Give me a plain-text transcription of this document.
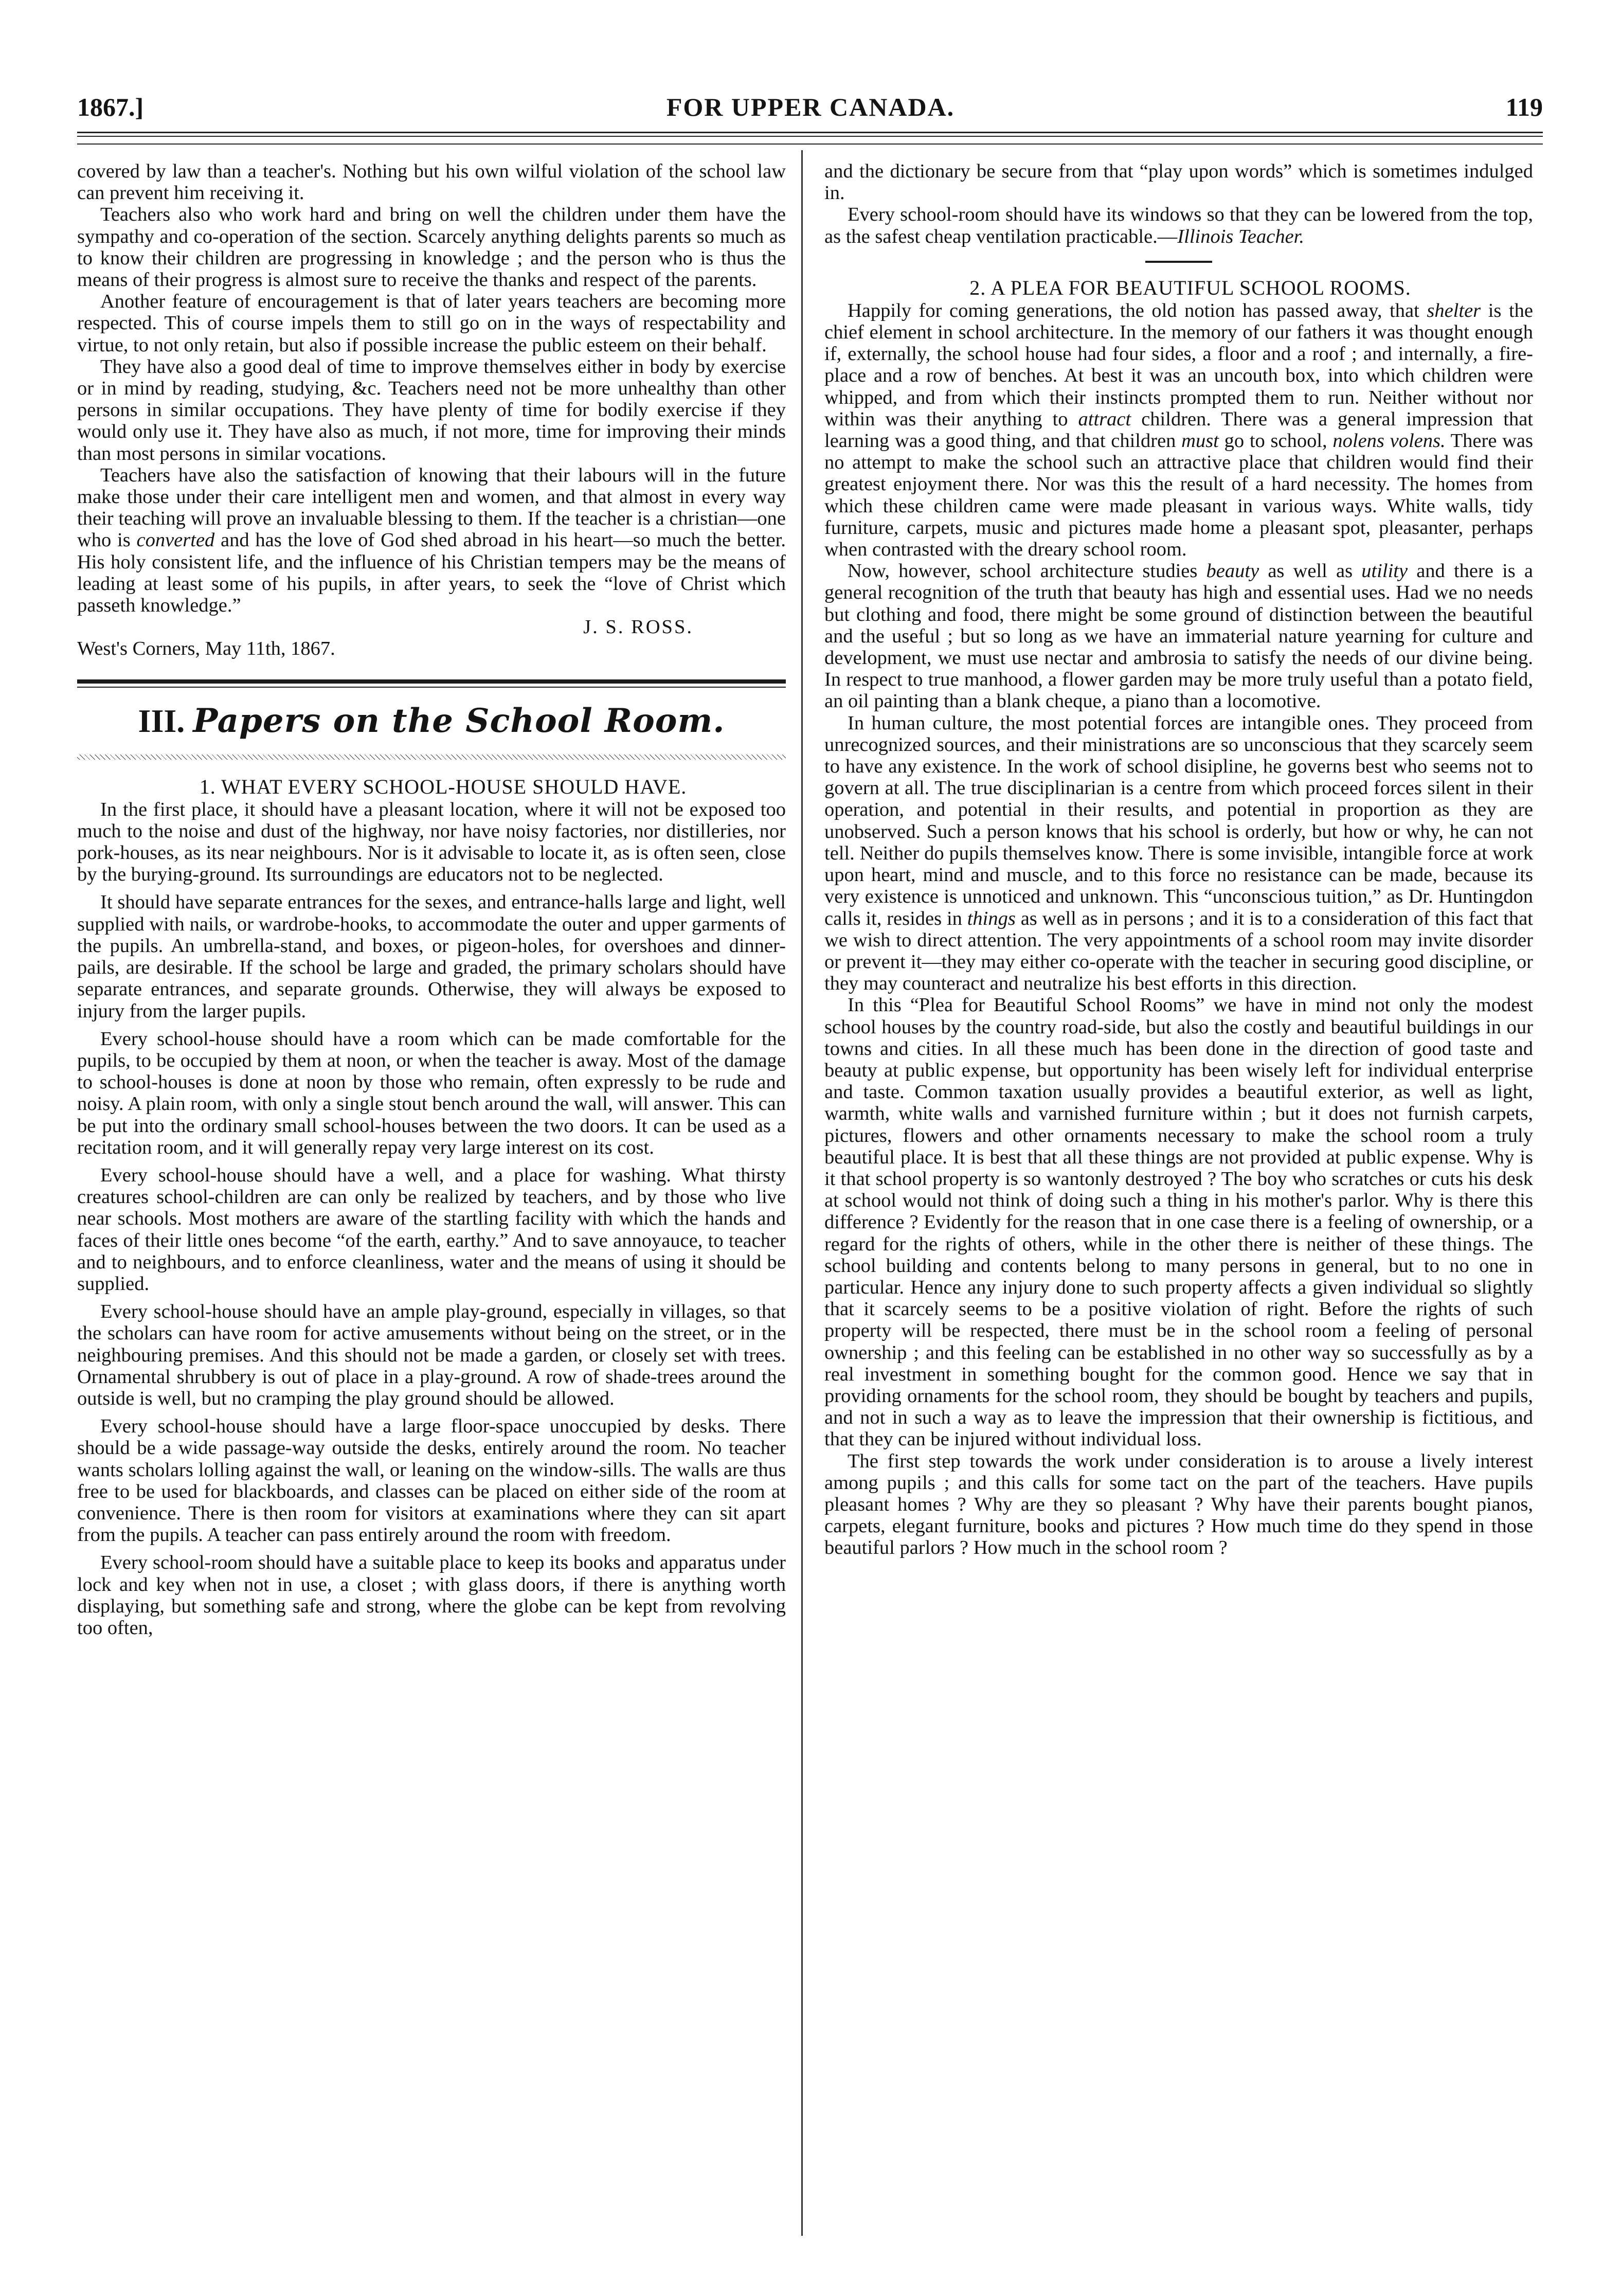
1867.]	FOR UPPER CANADA.	119

covered by law than a teacher's. Nothing but his own wilful violation of the school law can prevent him receiving it.

Teachers also who work hard and bring on well the children under them have the sympathy and co-operation of the section. Scarcely anything delights parents so much as to know their children are progressing in knowledge ; and the person who is thus the means of their progress is almost sure to receive the thanks and respect of the parents.

Another feature of encouragement is that of later years teachers are becoming more respected. This of course impels them to still go on in the ways of respectability and virtue, to not only retain, but also if possible increase the public esteem on their behalf.

They have also a good deal of time to improve themselves either in body by exercise or in mind by reading, studying, &c. Teachers need not be more unhealthy than other persons in similar occupations. They have plenty of time for bodily exercise if they would only use it. They have also as much, if not more, time for improving their minds than most persons in similar vocations.

Teachers have also the satisfaction of knowing that their labours will in the future make those under their care intelligent men and women, and that almost in every way their teaching will prove an invaluable blessing to them. If the teacher is a christian—one who is converted and has the love of God shed abroad in his heart—so much the better. His holy consistent life, and the influence of his Christian tempers may be the means of leading at least some of his pupils, in after years, to seek the “love of Christ which passeth knowledge.”

J. S. ROSS.

West's Corners, May 11th, 1867.

III. Papers on the School Room.

1. WHAT EVERY SCHOOL-HOUSE SHOULD HAVE.

In the first place, it should have a pleasant location, where it will not be exposed too much to the noise and dust of the highway, nor have noisy factories, nor distilleries, nor pork-houses, as its near neighbours. Nor is it advisable to locate it, as is often seen, close by the burying-ground. Its surroundings are educators not to be neglected.

It should have separate entrances for the sexes, and entrance-halls large and light, well supplied with nails, or wardrobe-hooks, to accommodate the outer and upper garments of the pupils. An umbrella-stand, and boxes, or pigeon-holes, for overshoes and dinner-pails, are desirable. If the school be large and graded, the primary scholars should have separate entrances, and separate grounds. Otherwise, they will always be exposed to injury from the larger pupils.

Every school-house should have a room which can be made comfortable for the pupils, to be occupied by them at noon, or when the teacher is away. Most of the damage to school-houses is done at noon by those who remain, often expressly to be rude and noisy. A plain room, with only a single stout bench around the wall, will answer. This can be put into the ordinary small school-houses between the two doors. It can be used as a recitation room, and it will generally repay very large interest on its cost.

Every school-house should have a well, and a place for washing. What thirsty creatures school-children are can only be realized by teachers, and by those who live near schools. Most mothers are aware of the startling facility with which the hands and faces of their little ones become “of the earth, earthy.” And to save annoyauce, to teacher and to neighbours, and to enforce cleanliness, water and the means of using it should be supplied.

Every school-house should have an ample play-ground, especially in villages, so that the scholars can have room for active amusements without being on the street, or in the neighbouring premises. And this should not be made a garden, or closely set with trees. Ornamental shrubbery is out of place in a play-ground. A row of shade-trees around the outside is well, but no cramping the play ground should be allowed.

Every school-house should have a large floor-space unoccupied by desks. There should be a wide passage-way outside the desks, entirely around the room. No teacher wants scholars lolling against the wall, or leaning on the window-sills. The walls are thus free to be used for blackboards, and classes can be placed on either side of the room at convenience. There is then room for visitors at examinations where they can sit apart from the pupils. A teacher can pass entirely around the room with freedom.

Every school-room should have a suitable place to keep its books and apparatus under lock and key when not in use, a closet ; with glass doors, if there is anything worth displaying, but something safe and strong, where the globe can be kept from revolving too often,

and the dictionary be secure from that “play upon words” which is sometimes indulged in.

Every school-room should have its windows so that they can be lowered from the top, as the safest cheap ventilation practicable.—Illinois Teacher.

2. A PLEA FOR BEAUTIFUL SCHOOL ROOMS.

Happily for coming generations, the old notion has passed away, that shelter is the chief element in school architecture. In the memory of our fathers it was thought enough if, externally, the school house had four sides, a floor and a roof ; and internally, a fire-place and a row of benches. At best it was an uncouth box, into which children were whipped, and from which their instincts prompted them to run. Neither without nor within was their anything to attract children. There was a general impression that learning was a good thing, and that children must go to school, nolens volens. There was no attempt to make the school such an attractive place that children would find their greatest enjoyment there. Nor was this the result of a hard necessity. The homes from which these children came were made pleasant in various ways. White walls, tidy furniture, carpets, music and pictures made home a pleasant spot, pleasanter, perhaps when contrasted with the dreary school room.

Now, however, school architecture studies beauty as well as utility and there is a general recognition of the truth that beauty has high and essential uses. Had we no needs but clothing and food, there might be some ground of distinction between the beautiful and the useful ; but so long as we have an immaterial nature yearning for culture and development, we must use nectar and ambrosia to satisfy the needs of our divine being. In respect to true manhood, a flower garden may be more truly useful than a potato field, an oil painting than a blank cheque, a piano than a locomotive.

In human culture, the most potential forces are intangible ones. They proceed from unrecognized sources, and their ministrations are so unconscious that they scarcely seem to have any existence. In the work of school disipline, he governs best who seems not to govern at all. The true disciplinarian is a centre from which proceed forces silent in their operation, and potential in their results, and potential in proportion as they are unobserved. Such a person knows that his school is orderly, but how or why, he can not tell. Neither do pupils themselves know. There is some invisible, intangible force at work upon heart, mind and muscle, and to this force no resistance can be made, because its very existence is unnoticed and unknown. This “unconscious tuition,” as Dr. Huntingdon calls it, resides in things as well as in persons ; and it is to a consideration of this fact that we wish to direct attention. The very appointments of a school room may invite disorder or prevent it—they may either co-operate with the teacher in securing good discipline, or they may counteract and neutralize his best efforts in this direction.

In this “Plea for Beautiful School Rooms” we have in mind not only the modest school houses by the country road-side, but also the costly and beautiful buildings in our towns and cities. In all these much has been done in the direction of good taste and beauty at public expense, but opportunity has been wisely left for individual enterprise and taste. Common taxation usually provides a beautiful exterior, as well as light, warmth, white walls and varnished furniture within ; but it does not furnish carpets, pictures, flowers and other ornaments necessary to make the school room a truly beautiful place. It is best that all these things are not provided at public expense. Why is it that school property is so wantonly destroyed ? The boy who scratches or cuts his desk at school would not think of doing such a thing in his mother's parlor. Why is there this difference ? Evidently for the reason that in one case there is a feeling of ownership, or a regard for the rights of others, while in the other there is neither of these things. The school building and contents belong to many persons in general, but to no one in particular. Hence any injury done to such property affects a given individual so slightly that it scarcely seems to be a positive violation of right. Before the rights of such property will be respected, there must be in the school room a feeling of personal ownership ; and this feeling can be established in no other way so successfully as by a real investment in something bought for the common good. Hence we say that in providing ornaments for the school room, they should be bought by teachers and pupils, and not in such a way as to leave the impression that their ownership is fictitious, and that they can be injured without individual loss.

The first step towards the work under consideration is to arouse a lively interest among pupils ; and this calls for some tact on the part of the teachers. Have pupils pleasant homes ? Why are they so pleasant ? Why have their parents bought pianos, carpets, elegant furniture, books and pictures ? How much time do they spend in those beautiful parlors ? How much in the school room ?
